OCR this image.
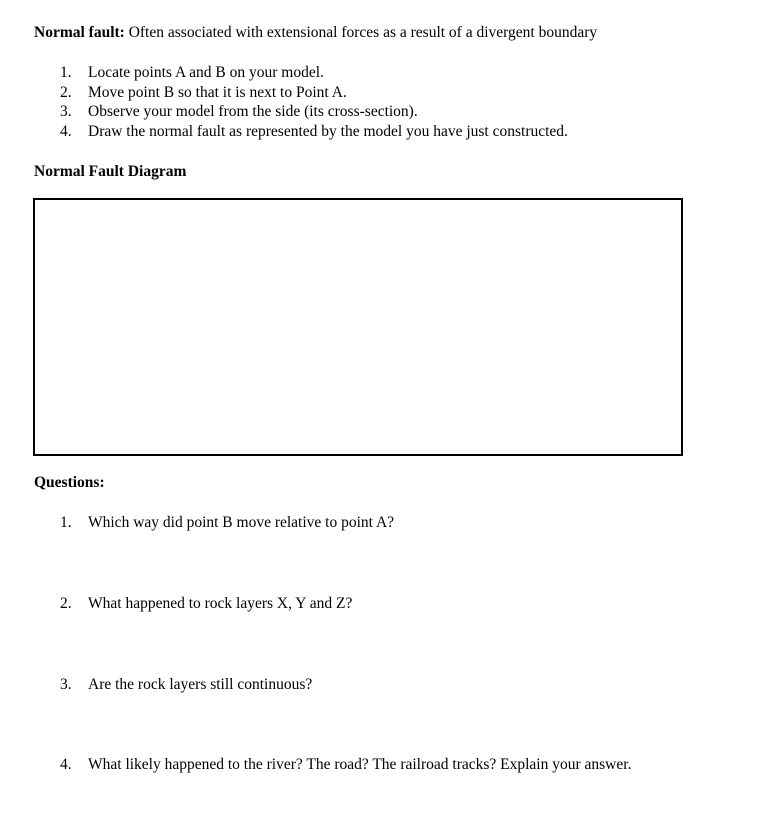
Normal fault: Often associated with extensional forces as a result of a divergent boundary
1.	Locate points A and B on your model.
2.	Move point B so that it is next to Point A.
3.	Observe your model from the side (its cross-section).
4.	Draw the normal fault as represented by the model you have just constructed.
Normal Fault Diagram
Questions:
1.	Which way did point B move relative to point A?
2.	What happened to rock layers X, Y and Z?
3.	Are the rock layers still continuous?
4.	What likely happened to the river? The road? The railroad tracks? Explain your answer.
